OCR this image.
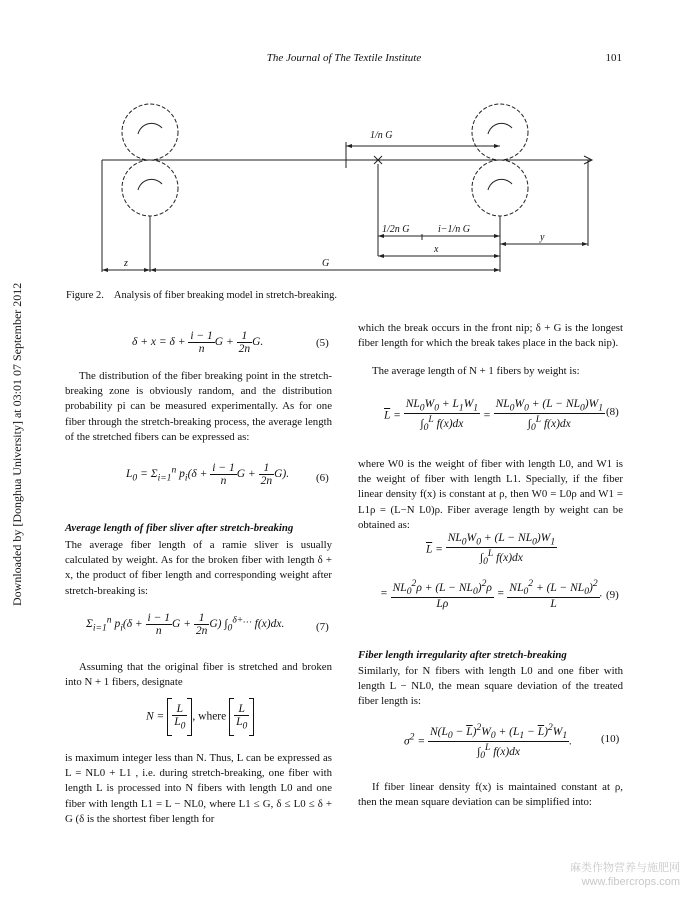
The Journal of The Textile Institute	101
Downloaded by [Donghua University] at 03:01 07 September 2012
1/n G
1/2n G	i−1/n G
x
y
z	G
Figure 2. Analysis of fiber breaking model in stretch-breaking.
$\delta + x = \delta + \frac{i - 1}{n}$ $G + \frac{1}{2n} G$.	(5)
The distribution of the fiber breaking point in the stretch-breaking zone is obviously random, and the distribution probability pi can be measured experimentally. As for one fiber through the stretch-breaking process, the average length of the stretched fibers can be expressed as:
$L_0 = \Sigma_{i=1}^n$ $p_i(\delta + \frac{i - 1}{n}$ $G + \frac{1}{2n} G$). (6)
Average length of fiber sliver after stretch-breaking
The average fiber length of a ramie sliver is usually calculated by weight. As for the broken fiber with length δ + x, the product of fiber length and corresponding weight after stretch-breaking is:
$\Sigma_{i=1}^n$ $p_i(\delta + \frac{i - 1}{n}$ $G + \frac{1}{2n} G$) $\int_0^{\delta+\dots}$ f(x)dx.	(7)
Assuming that the original fiber is stretched and broken into N + 1 fibers, designate
$N = \frac{L}{L_0}$ , where $\frac{L}{L_0}$
is maximum integer less than N. Thus, L can be expressed as L = NL0 + L1 , i.e. during stretch-breaking, one fiber with length L is processed into N fibers with length L0 and one fiber with length L1 = L − NL0, where L1 ≤ G, δ ≤ L0 ≤ δ + G (δ is the shortest fiber length for
which the break occurs in the front nip; δ + G is the longest fiber length for which the break takes place in the back nip).
The average length of N + 1 fibers by weight is:
$\overline{L} = \frac{NL_0W_0 + L_1W_1}{\int_0^L f(x)dx} = \frac{NL_0W_0 + (L - NL_0)W_1}{\int_0^L f(x)dx} (8)$
where W0 is the weight of fiber with length L0, and W1 is the weight of fiber with length L1. Specially, if the fiber linear density f(x) is constant at ρ, then W0 = L0ρ and W1 = L1ρ = (L−N L0)ρ. Fiber average length by weight can be obtained as:
$\overline{L} = \frac{NL_0W_0 + (L - NL_0)W_1}{\int_0^L f(x)dx}$
= $\frac{NL_0^2\rho + (L - NL_0)^2\rho}{L\rho} = \frac{NL_0^2 + (L - NL_0)^2}{L}$ . (9)
Fiber length irregularity after stretch-breaking
Similarly, for N fibers with length L0 and one fiber with length L − NL0, the mean square deviation of the treated fiber length is:
$\sigma^2 = \frac{N(L_0 - \overline{L})^2W_0 + (L_1 - \overline{L})^2W_1}{\int_0^L f(x)dx}$ .	(10)
If fiber linear density f(x) is maintained constant at ρ, then the mean square deviation can be simplified into:
麻类作物营养与施肥网
www.fibercrops.com
